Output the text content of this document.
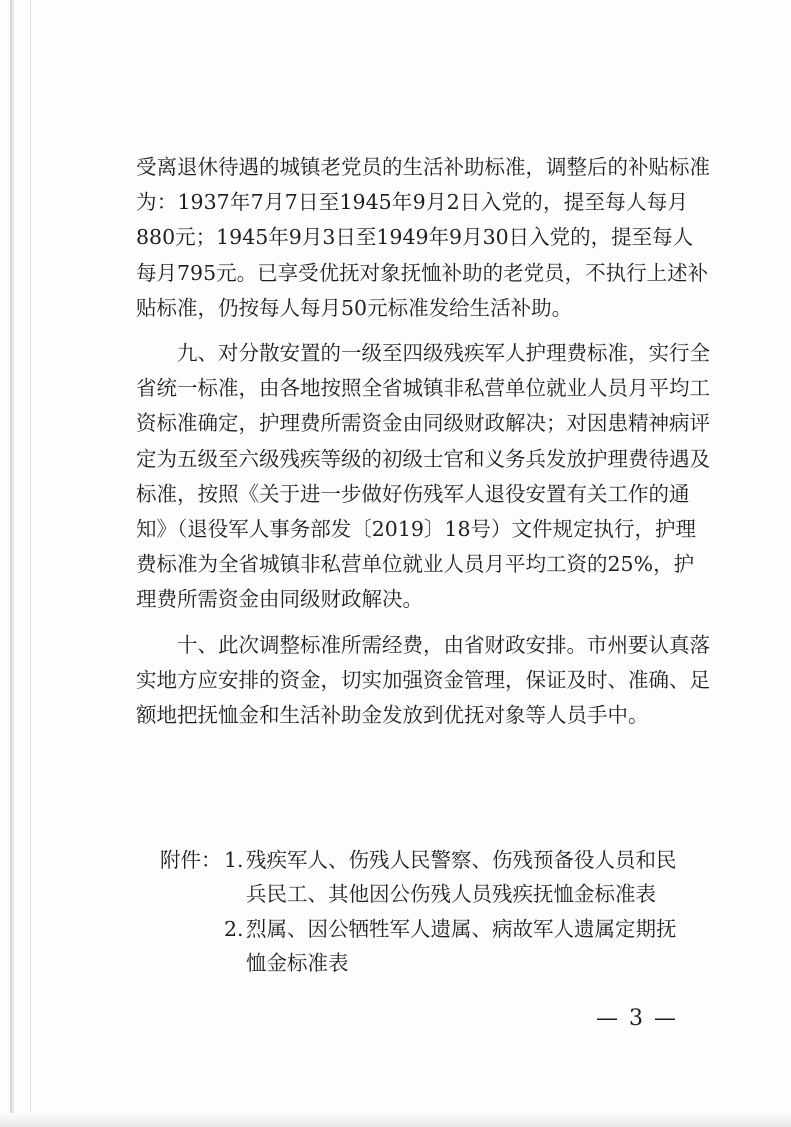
受离退休待遇的城镇老党员的生活补助标准，调整后的补贴标准
为：1937年7月7日至1945年9月2日入党的，提至每人每月
880元；1945年9月3日至1949年9月30日入党的，提至每人
每月795元。已享受优抚对象抚恤补助的老党员，不执行上述补
贴标准，仍按每人每月50元标准发给生活补助。

九、对分散安置的一级至四级残疾军人护理费标准，实行全
省统一标准，由各地按照全省城镇非私营单位就业人员月平均工
资标准确定，护理费所需资金由同级财政解决；对因患精神病评
定为五级至六级残疾等级的初级士官和义务兵发放护理费待遇及
标准，按照《关于进一步做好伤残军人退役安置有关工作的通
知》（退役军人事务部发〔2019〕18号）文件规定执行，护理
费标准为全省城镇非私营单位就业人员月平均工资的25%，护
理费所需资金由同级财政解决。

十、此次调整标准所需经费，由省财政安排。市州要认真落
实地方应安排的资金，切实加强资金管理，保证及时、准确、足
额地把抚恤金和生活补助金发放到优抚对象等人员手中。

附件： 1. 残疾军人、伤残人民警察、伤残预备役人员和民
兵民工、其他因公伤残人员残疾抚恤金标准表
2. 烈属、因公牺牲军人遗属、病故军人遗属定期抚
恤金标准表
— 3 —
